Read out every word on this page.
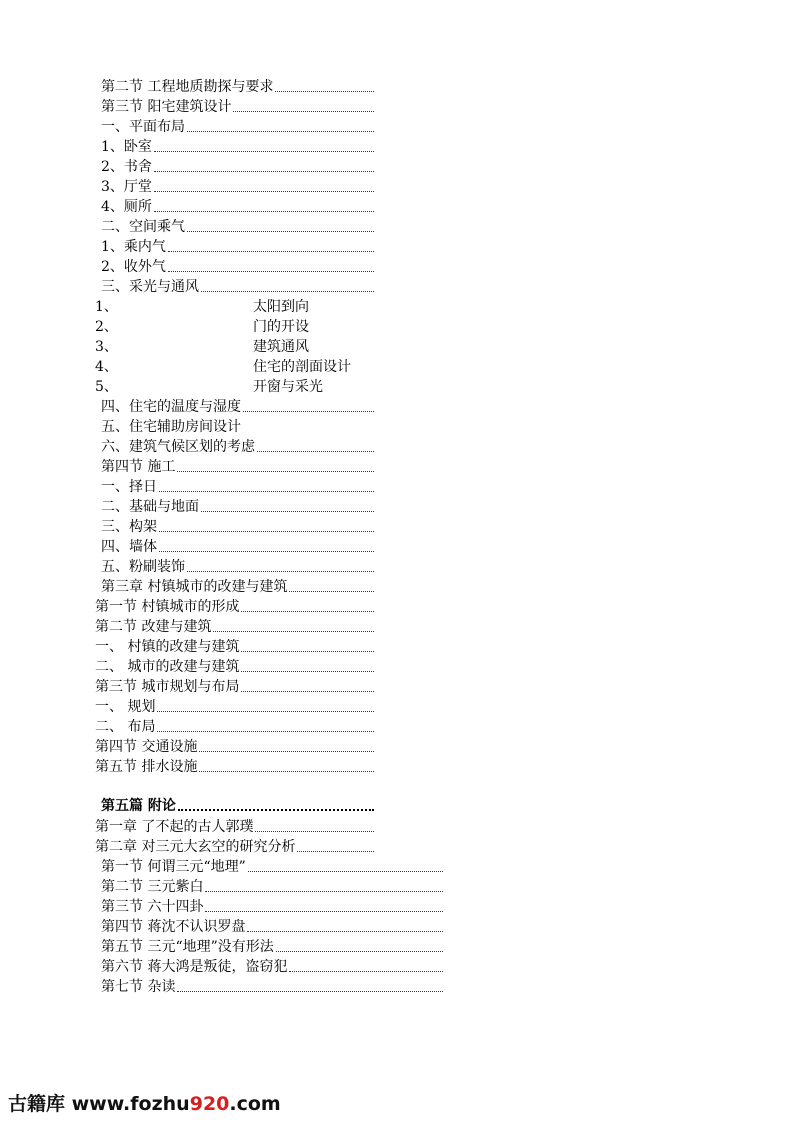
第二节 工程地质勘探与要求
第三节 阳宅建筑设计
一、平面布局
1、卧室
2、书舍
3、厅堂
4、厕所
二、空间乘气
1、乘内气
2、收外气
三、采光与通风
1、	太阳到向
2、	门的开设
3、	建筑通风
4、	住宅的剖面设计
5、	开窗与采光
四、住宅的温度与湿度
五、住宅辅助房间设计
六、建筑气候区划的考虑
第四节 施工
一、择日
二、基础与地面
三、构架
四、墙体
五、粉刷装饰
第三章 村镇城市的改建与建筑
第一节 村镇城市的形成
第二节 改建与建筑
一、 村镇的改建与建筑
二、 城市的改建与建筑
第三节 城市规划与布局
一、 规划
二、 布局
第四节 交通设施
第五节 排水设施
第五篇 附论
第一章 了不起的古人郭璞
第二章 对三元大玄空的研究分析
第一节 何谓三元“地理”
第二节 三元紫白
第三节 六十四卦
第四节 蒋沈不认识罗盘
第五节 三元“地理”没有形法
第六节 蒋大鸿是叛徒，盗窃犯
第七节 杂读
古籍库 www.fozhu920.com
